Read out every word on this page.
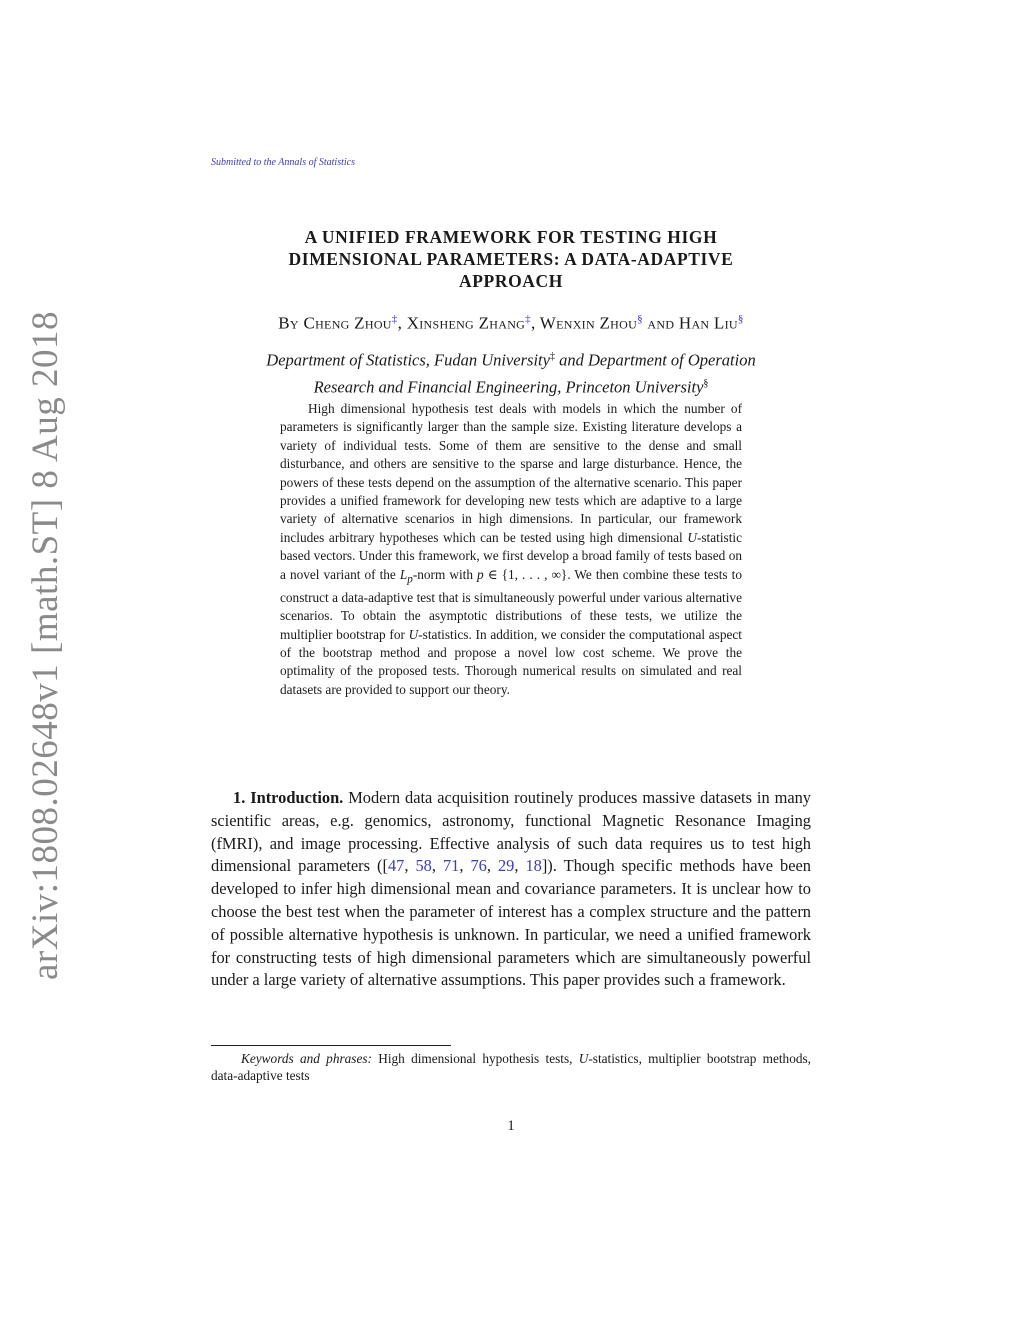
arXiv:1808.02648v1 [math.ST] 8 Aug 2018
Submitted to the Annals of Statistics
A UNIFIED FRAMEWORK FOR TESTING HIGH
DIMENSIONAL PARAMETERS: A DATA-ADAPTIVE
APPROACH
By Cheng Zhou‡, Xinsheng Zhang‡, Wenxin Zhou§ and Han Liu§
Department of Statistics, Fudan University‡ and Department of Operation
Research and Financial Engineering, Princeton University§
High dimensional hypothesis test deals with models in which the number of parameters is significantly larger than the sample size. Existing literature develops a variety of individual tests. Some of them are sensitive to the dense and small disturbance, and others are sensitive to the sparse and large disturbance. Hence, the powers of these tests depend on the assumption of the alternative scenario. This paper provides a unified framework for developing new tests which are adaptive to a large variety of alternative scenarios in high dimensions. In particular, our framework includes arbitrary hypotheses which can be tested using high dimensional U-statistic based vectors. Under this framework, we first develop a broad family of tests based on a novel variant of the $L_p$-norm with p ∈ {1, . . . , ∞}. We then combine these tests to construct a data-adaptive test that is simultaneously powerful under various alternative scenarios. To obtain the asymptotic distributions of these tests, we utilize the multiplier bootstrap for U-statistics. In addition, we consider the computational aspect of the bootstrap method and propose a novel low cost scheme. We prove the optimality of the proposed tests. Thorough numerical results on simulated and real datasets are provided to support our theory.
1. Introduction. Modern data acquisition routinely produces massive datasets in many scientific areas, e.g. genomics, astronomy, functional Magnetic Resonance Imaging (fMRI), and image processing. Effective analysis of such data requires us to test high dimensional parameters ([47, 58, 71, 76, 29, 18]). Though specific methods have been developed to infer high dimensional mean and covariance parameters. It is unclear how to choose the best test when the parameter of interest has a complex structure and the pattern of possible alternative hypothesis is unknown. In particular, we need a unified framework for constructing tests of high dimensional parameters which are simultaneously powerful under a large variety of alternative assumptions. This paper provides such a framework.
Keywords and phrases: High dimensional hypothesis tests, U-statistics, multiplier bootstrap methods, data-adaptive tests
1
